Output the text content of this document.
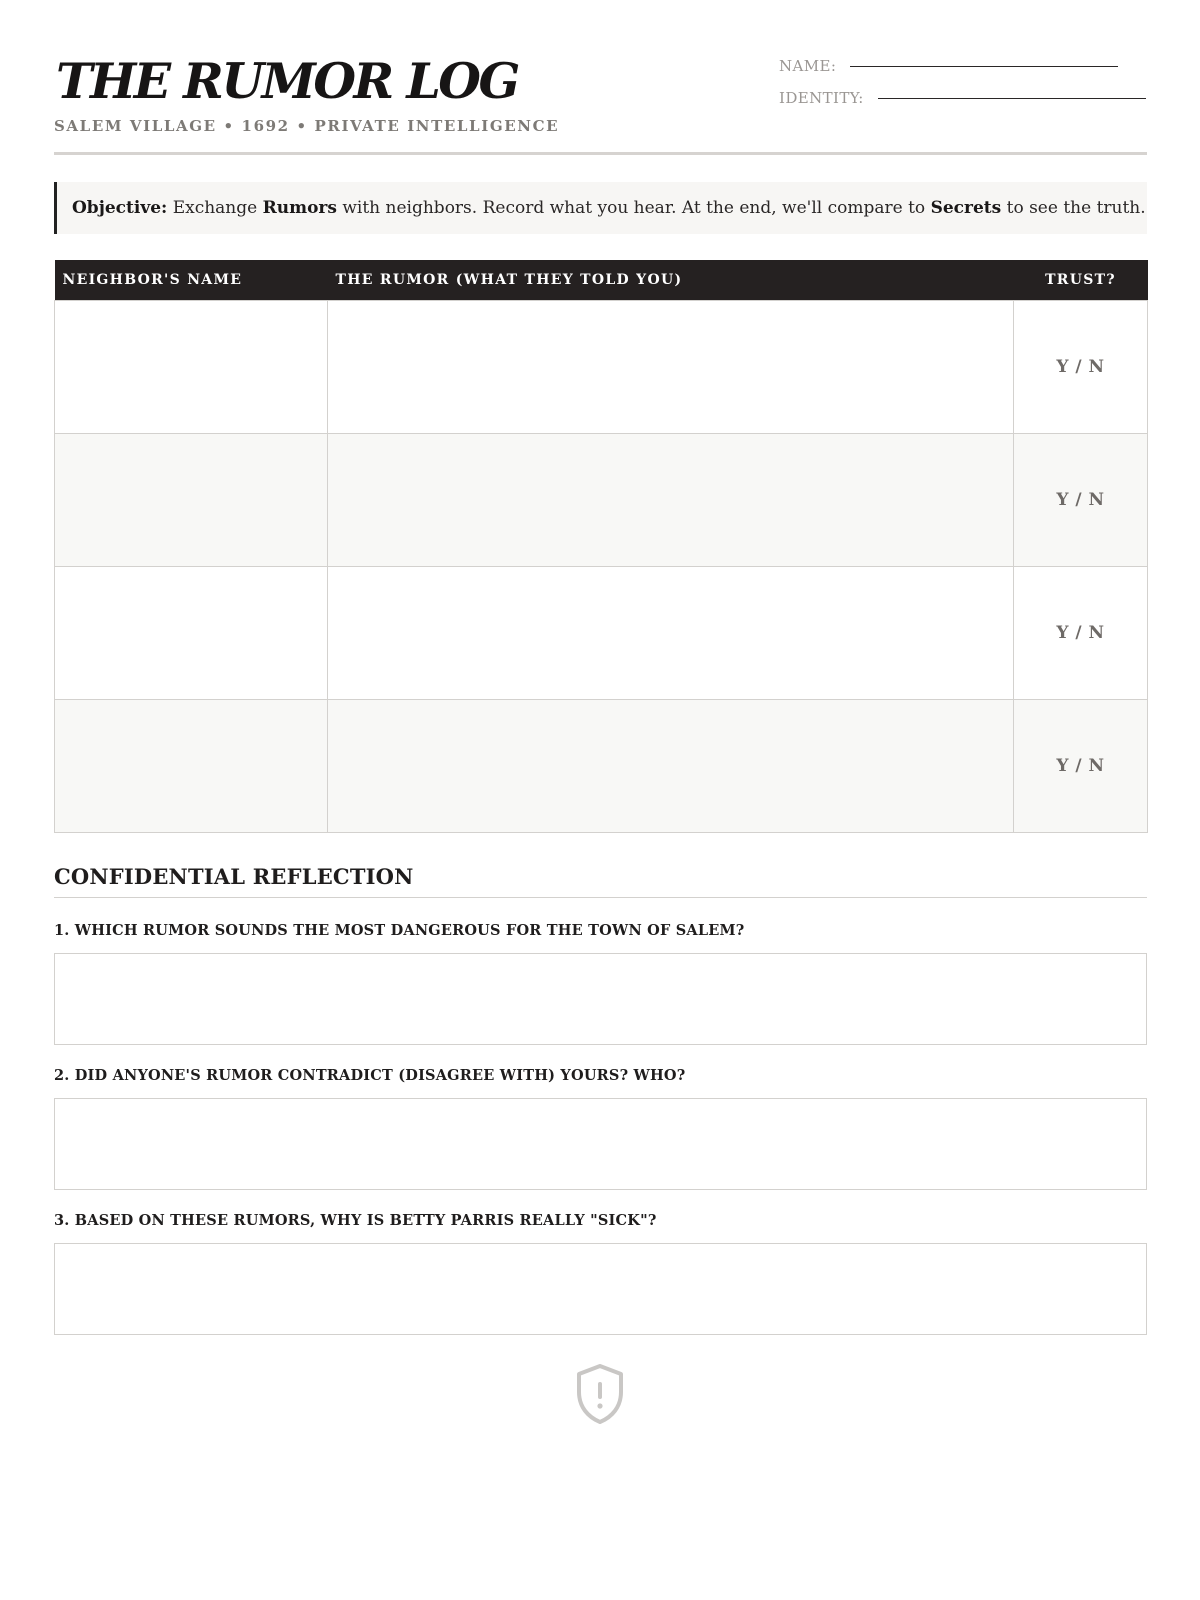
THE RUMOR LOG
SALEM VILLAGE • 1692 • PRIVATE INTELLIGENCE
NAME:
IDENTITY:
Objective: Exchange Rumors with neighbors. Record what you hear. At the end, we'll compare to Secrets to see the truth.
NEIGHBOR'S NAME	THE RUMOR (WHAT THEY TOLD YOU)	TRUST?
		Y / N
		Y / N
		Y / N
		Y / N
CONFIDENTIAL REFLECTION
1. WHICH RUMOR SOUNDS THE MOST DANGEROUS FOR THE TOWN OF SALEM?
2. DID ANYONE'S RUMOR CONTRADICT (DISAGREE WITH) YOURS? WHO?
3. BASED ON THESE RUMORS, WHY IS BETTY PARRIS REALLY "SICK"?
